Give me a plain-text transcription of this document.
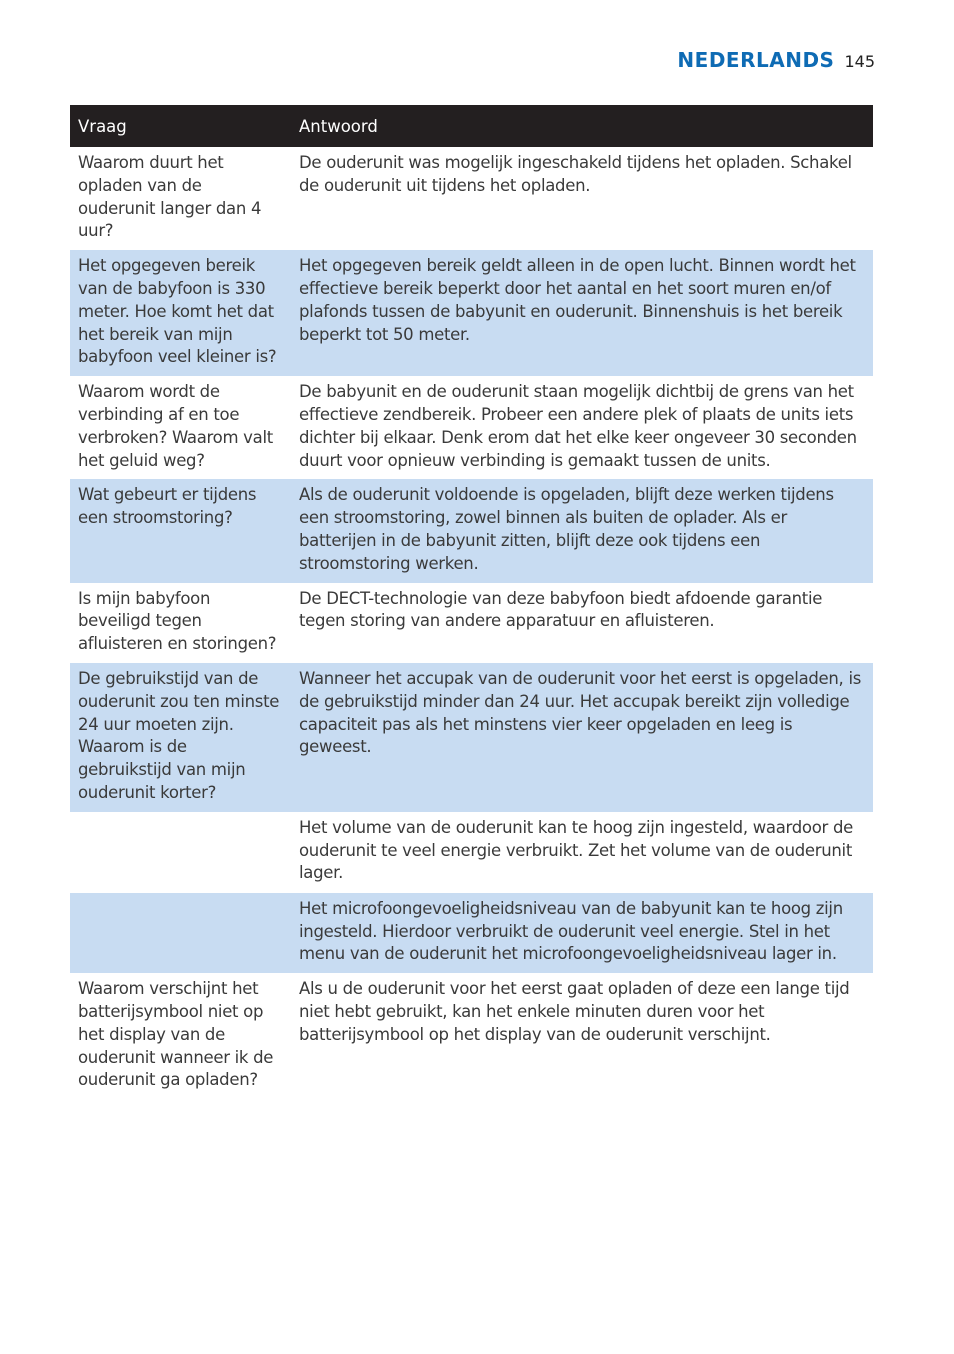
NEDERLANDS 145
Vraag	Antwoord
Waarom duurt het opladen van de ouderunit langer dan 4 uur?	De ouderunit was mogelijk ingeschakeld tijdens het opladen. Schakel de ouderunit uit tijdens het opladen.
Het opgegeven bereik van de babyfoon is 330 meter. Hoe komt het dat het bereik van mijn babyfoon veel kleiner is?	Het opgegeven bereik geldt alleen in de open lucht. Binnen wordt het effectieve bereik beperkt door het aantal en het soort muren en/of plafonds tussen de babyunit en ouderunit. Binnenshuis is het bereik beperkt tot 50 meter.
Waarom wordt de verbinding af en toe verbroken? Waarom valt het geluid weg?	De babyunit en de ouderunit staan mogelijk dichtbij de grens van het effectieve zendbereik. Probeer een andere plek of plaats de units iets dichter bij elkaar. Denk erom dat het elke keer ongeveer 30 seconden duurt voor opnieuw verbinding is gemaakt tussen de units.
Wat gebeurt er tijdens een stroomstoring?	Als de ouderunit voldoende is opgeladen, blijft deze werken tijdens een stroomstoring, zowel binnen als buiten de oplader. Als er batterijen in de babyunit zitten, blijft deze ook tijdens een stroomstoring werken.
Is mijn babyfoon beveiligd tegen afluisteren en storingen?	De DECT-technologie van deze babyfoon biedt afdoende garantie tegen storing van andere apparatuur en afluisteren.
De gebruikstijd van de ouderunit zou ten minste 24 uur moeten zijn. Waarom is de gebruikstijd van mijn ouderunit korter?	Wanneer het accupak van de ouderunit voor het eerst is opgeladen, is de gebruikstijd minder dan 24 uur. Het accupak bereikt zijn volledige capaciteit pas als het minstens vier keer opgeladen en leeg is geweest.
	Het volume van de ouderunit kan te hoog zijn ingesteld, waardoor de ouderunit te veel energie verbruikt. Zet het volume van de ouderunit lager.
	Het microfoongevoeligheidsniveau van de babyunit kan te hoog zijn ingesteld. Hierdoor verbruikt de ouderunit veel energie. Stel in het menu van de ouderunit het microfoongevoeligheidsniveau lager in.
Waarom verschijnt het batterijsymbool niet op het display van de ouderunit wanneer ik de ouderunit ga opladen?	Als u de ouderunit voor het eerst gaat opladen of deze een lange tijd niet hebt gebruikt, kan het enkele minuten duren voor het batterijsymbool op het display van de ouderunit verschijnt.
